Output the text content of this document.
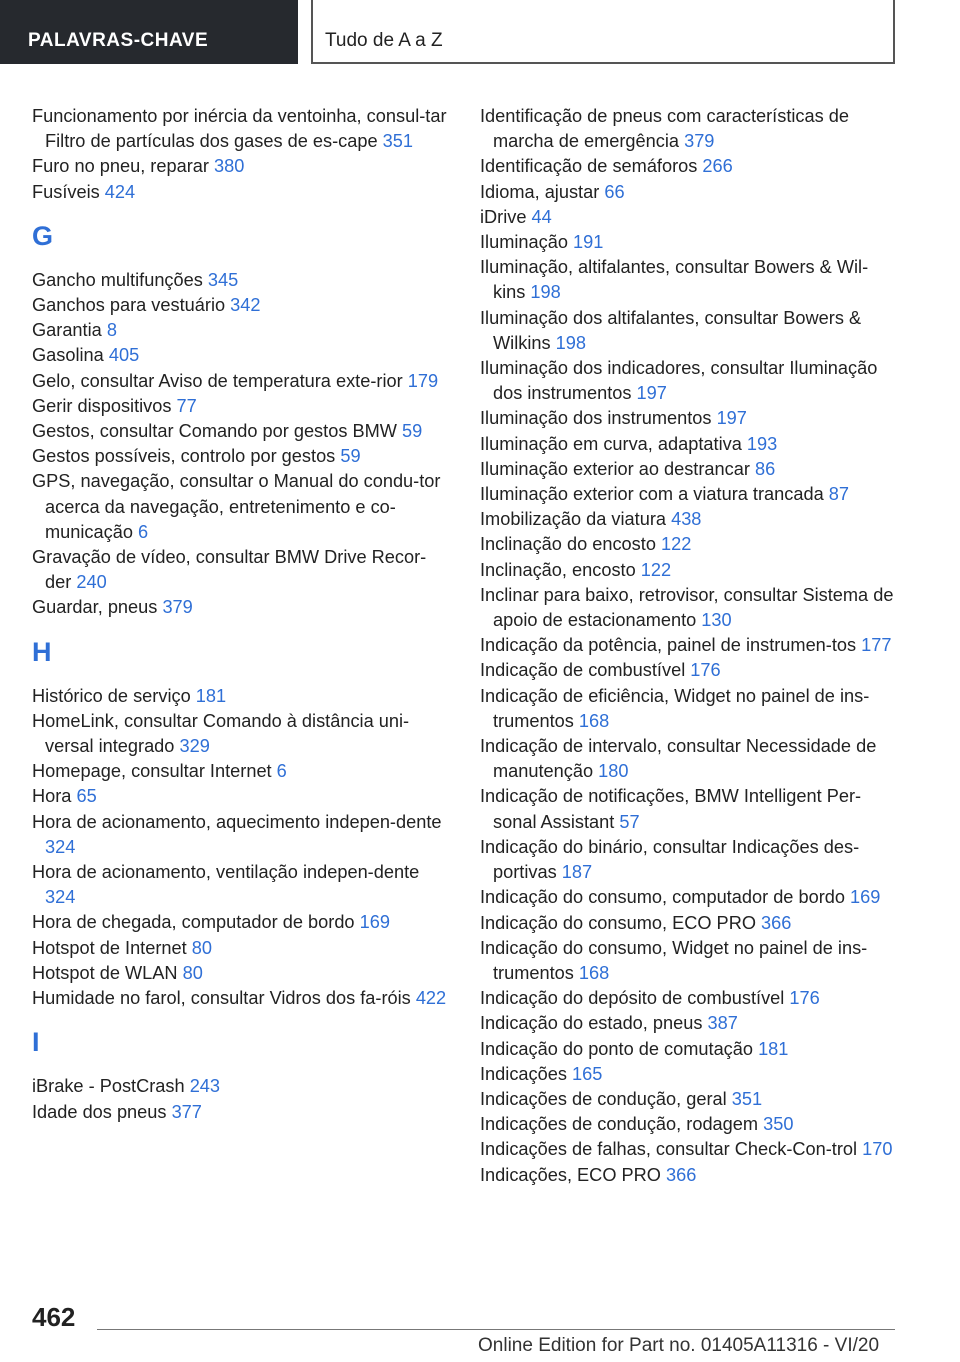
PALAVRAS-CHAVE	Tudo de A a Z
Funcionamento por inércia da ventoinha, consul-tar Filtro de partículas dos gases de es-cape 351
Furo no pneu, reparar 380
Fusíveis 424
G
Gancho multifunções 345
Ganchos para vestuário 342
Garantia 8
Gasolina 405
Gelo, consultar Aviso de temperatura exte-rior 179
Gerir dispositivos 77
Gestos, consultar Comando por gestos BMW 59
Gestos possíveis, controlo por gestos 59
GPS, navegação, consultar o Manual do condu-tor acerca da navegação, entretenimento e co-municação 6
Gravação de vídeo, consultar BMW Drive Recor-der 240
Guardar, pneus 379
H
Histórico de serviço 181
HomeLink, consultar Comando à distância uni-versal integrado 329
Homepage, consultar Internet 6
Hora 65
Hora de acionamento, aquecimento indepen-dente 324
Hora de acionamento, ventilação indepen-dente 324
Hora de chegada, computador de bordo 169
Hotspot de Internet 80
Hotspot de WLAN 80
Humidade no farol, consultar Vidros dos fa-róis 422
I
iBrake - PostCrash 243
Idade dos pneus 377
Identificação de pneus com características de marcha de emergência 379
Identificação de semáforos 266
Idioma, ajustar 66
iDrive 44
Iluminação 191
Iluminação, altifalantes, consultar Bowers & Wil-kins 198
Iluminação dos altifalantes, consultar Bowers & Wilkins 198
Iluminação dos indicadores, consultar Iluminação dos instrumentos 197
Iluminação dos instrumentos 197
Iluminação em curva, adaptativa 193
Iluminação exterior ao destrancar 86
Iluminação exterior com a viatura trancada 87
Imobilização da viatura 438
Inclinação do encosto 122
Inclinação, encosto 122
Inclinar para baixo, retrovisor, consultar Sistema de apoio de estacionamento 130
Indicação da potência, painel de instrumen-tos 177
Indicação de combustível 176
Indicação de eficiência, Widget no painel de ins-trumentos 168
Indicação de intervalo, consultar Necessidade de manutenção 180
Indicação de notificações, BMW Intelligent Per-sonal Assistant 57
Indicação do binário, consultar Indicações des-portivas 187
Indicação do consumo, computador de bordo 169
Indicação do consumo, ECO PRO 366
Indicação do consumo, Widget no painel de ins-trumentos 168
Indicação do depósito de combustível 176
Indicação do estado, pneus 387
Indicação do ponto de comutação 181
Indicações 165
Indicações de condução, geral 351
Indicações de condução, rodagem 350
Indicações de falhas, consultar Check-Con-trol 170
Indicações, ECO PRO 366
462
Online Edition for Part no. 01405A11316 - VI/20
